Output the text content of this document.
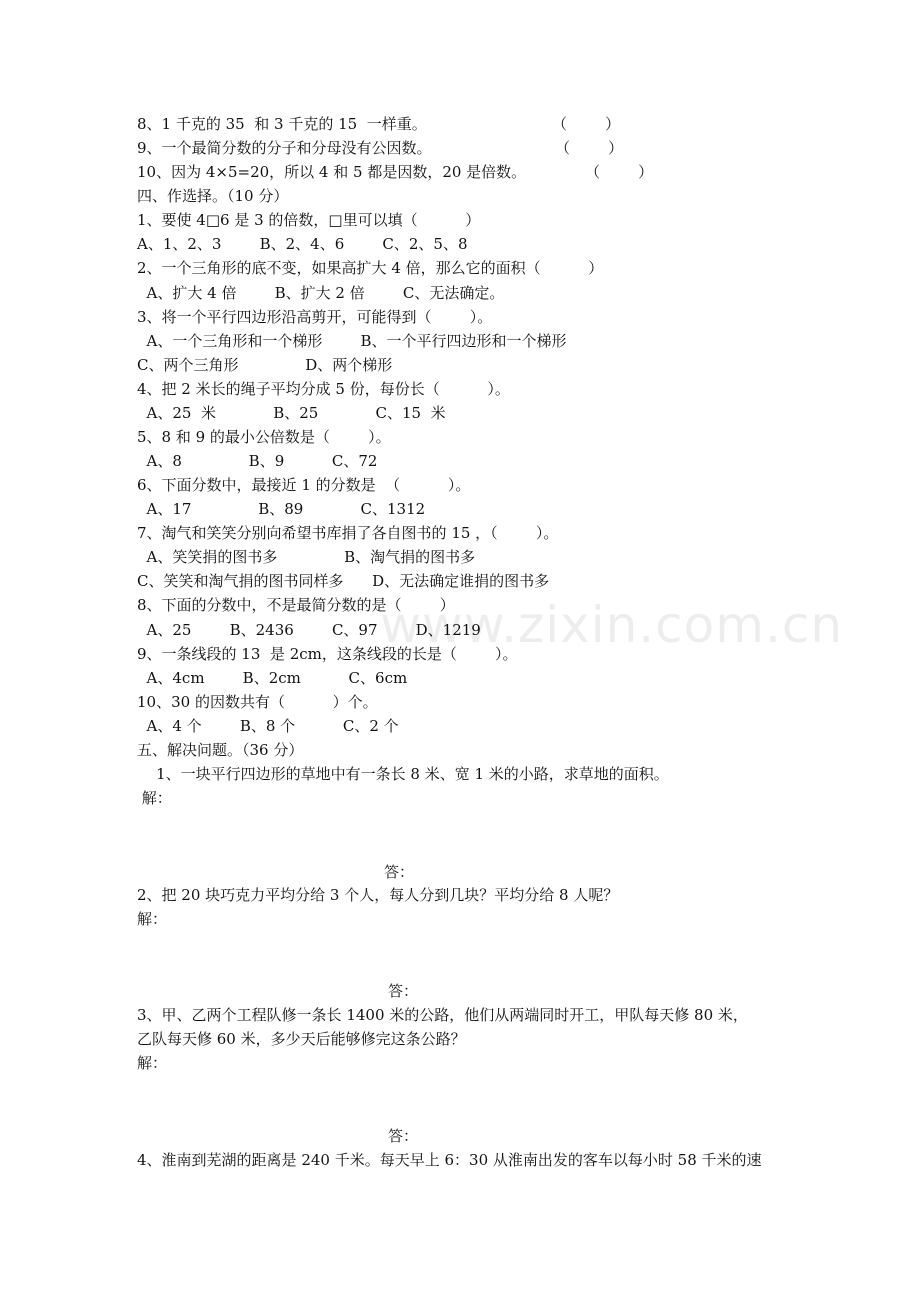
www.zixin.com.cn
8、1 千克的 35  和 3 千克的 15  一样重。	（        ）
9、一个最简分数的分子和分母没有公因数。	（        ）
10、因为 4×5=20，所以 4 和 5 都是因数，20 是倍数。	（        ）
四、作选择。（10 分）
1、要使 4□6 是 3 的倍数，□里可以填（          ）
A、1、2、3        B、2、4、6        C、2、5、8
2、一个三角形的底不变，如果高扩大 4 倍，那么它的面积（          ）
A、扩大 4 倍        B、扩大 2 倍        C、无法确定。
3、将一个平行四边形沿高剪开，可能得到（        ）。
A、一个三角形和一个梯形        B、一个平行四边形和一个梯形
C、两个三角形              D、两个梯形
4、把 2 米长的绳子平均分成 5 份，每份长（          ）。
A、25  米            B、25            C、15  米
5、8 和 9 的最小公倍数是（        ）。
A、8              B、9          C、72
6、下面分数中，最接近 1 的分数是  （          ）。
A、17              B、89            C、1312
7、淘气和笑笑分别向希望书库捐了各自图书的 15 ，（        ）。
A、笑笑捐的图书多              B、淘气捐的图书多
C、笑笑和淘气捐的图书同样多      D、无法确定谁捐的图书多
8、下面的分数中，不是最简分数的是（        ）
A、25        B、2436        C、97        D、1219
9、一条线段的 13  是 2cm，这条线段的长是（        ）。
A、4cm        B、2cm          C、6cm
10、30 的因数共有（          ）个。
A、4 个        B、8 个          C、2 个
五、解决问题。（36 分）
1、一块平行四边形的草地中有一条长 8 米、宽 1 米的小路，求草地的面积。
解：
答：
2、把 20 块巧克力平均分给 3 个人，每人分到几块？平均分给 8 人呢？
解：
答：
3、甲、乙两个工程队修一条长 1400 米的公路，他们从两端同时开工，甲队每天修 80 米，
乙队每天修 60 米，多少天后能够修完这条公路？
解：
答：
4、淮南到芜湖的距离是 240 千米。每天早上 6：30 从淮南出发的客车以每小时 58 千米的速
